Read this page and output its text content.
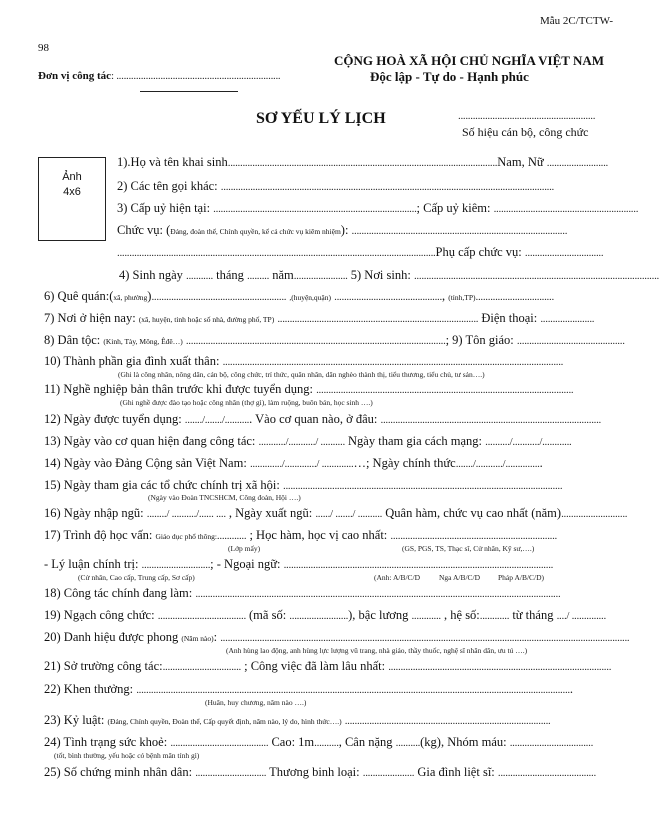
Mẫu 2C/TCTW-
98
Đơn vị công tác: ...................................................................
CỘNG HOÀ XÃ HỘI CHỦ NGHĨA VIỆT NAM
Độc lập - Tự do - Hạnh phúc
SƠ YẾU LÝ LỊCH	........................................................
Số hiệu cán bộ, công chức
Ảnh
4x6
1).Họ và tên khai sinh..............................................................................................................Nam, Nữ .........................
2) Các tên gọi khác: ........................................................................................................................................
3) Cấp uỷ hiện tại: ...................................................................................; Cấp uỷ kiêm: ...........................................................
Chức vụ: (Đảng, đoàn thể, Chính quyền, kể cả chức vụ kiêm nhiệm): ........................................................................................
..................................................................................................................................Phụ cấp chức vụ: ................................
4) Sinh ngày ........... tháng ......... năm...................... 5) Nơi sinh: ....................................................................................................
6) Quê quán:(xã, phường)....................................................... ,(huyện,quận) ............................................, (tỉnh,TP)................................
7) Nơi ở hiện nay: (xã, huyện, tỉnh hoặc số nhà, đường phố, TP) .................................................................................. Điện thoại: ......................
8) Dân tộc: (Kinh, Tày, Mông, Êđê…) ..........................................................................................................; 9) Tôn giáo: ............................................
10) Thành phần gia đình xuất thân: ...........................................................................................................................................
(Ghi là công nhân, nông dân, cán bộ, công chức, trí thức, quân nhân, dân nghèo thành thị, tiểu thương, tiểu chủ, tư sản….)
11) Nghề nghiệp bản thân trước khi được tuyển dụng: .........................................................................................................
(Ghi nghề được đào tạo hoặc công nhân (thợ gì), làm ruộng, buôn bán, học sinh ….)
12) Ngày được tuyển dụng: ......./......./........... Vào cơ quan nào, ở đâu: ..........................................................................................
13) Ngày vào cơ quan hiện đang công tác: .........../.........../ .......... Ngày tham gia cách mạng: ........../.........../............
14) Ngày vào Đảng Cộng sản Việt Nam: ............./............./ .............…; Ngày chính thức......./.........../...............
15) Ngày tham gia các tổ chức chính trị xã hội: ..................................................................................................................
(Ngày vào Đoàn TNCSHCM, Công đoàn, Hội ….)
16) Ngày nhập ngũ: ......../ ........../...... .... , Ngày xuất ngũ: ....../ ......./ .......... Quân hàm, chức vụ cao nhất (năm)...........................
17) Trình độ học vấn: Giáo dục phổ thông:............ ; Học hàm, học vị cao nhất: ....................................................................
(Lớp mấy)	(GS, PGS, TS, Thạc sĩ, Cử nhân, Kỹ sư,….)
- Lý luận chính trị: ............................; - Ngoại ngữ: ..............................................................................................................
(Cử nhân, Cao cấp, Trung cấp, Sơ cấp)	(Anh: A/B/C/D	Nga A/B/C/D Pháp A/B/C/D)
18) Công tác chính đang làm: .....................................................................................................................................................
19) Ngạch công chức: .................................... (mã số: ........................), bậc lương ............ , hệ số:............ từ tháng ..../ ..............
20) Danh hiệu được phong (Năm nào): .......................................................................................................................................................................
(Anh hùng lao động, anh hùng lực lượng vũ trang, nhà giáo, thầy thuốc, nghệ sĩ nhân dân, ưu tú ….)
21) Sở trường công tác:................................ ; Công việc đã làm lâu nhất: ...........................................................................................
22) Khen thưởng: ..................................................................................................................................................................................
(Huân, huy chương, năm nào ….)
23) Kỷ luật: (Đảng, Chính quyền, Đoàn thể, Cấp quyết định, năm nào, lý do, hình thức….) ....................................................................................
24) Tình trạng sức khoẻ: ........................................ Cao: 1m.........., Cân nặng ..........(kg), Nhóm máu: ..................................
(tốt, bình thường, yếu hoặc có bệnh mãn tính gì)
25) Số chứng minh nhân dân: ............................. Thương binh loại: ..................... Gia đình liệt sĩ: ........................................
